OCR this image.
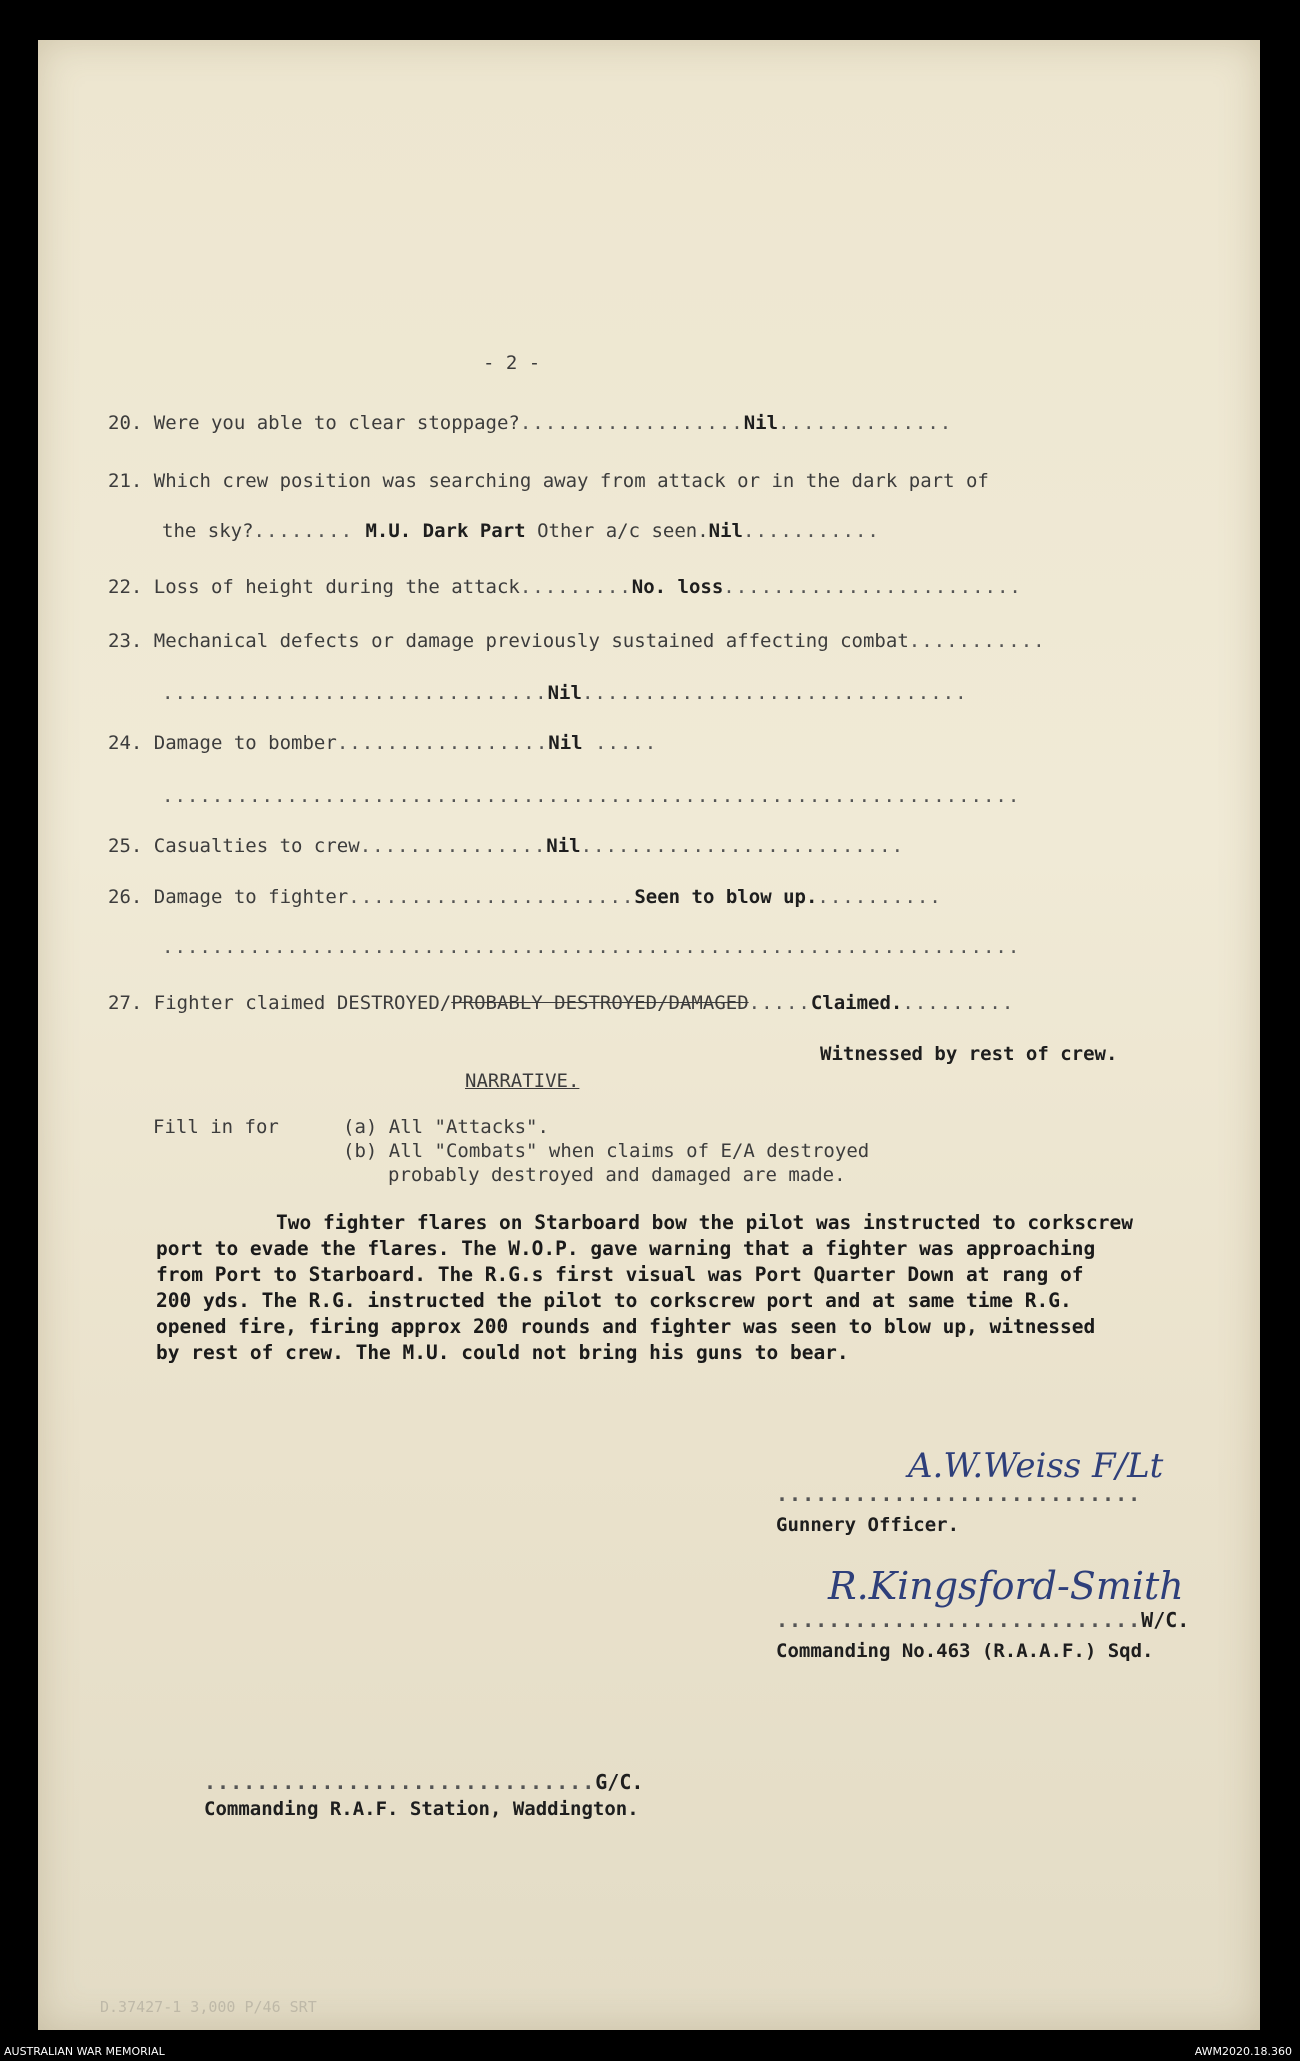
- 2 -
20. Were you able to clear stoppage?..................Nil..............
21. Which crew position was searching away from attack or in the dark part of
the sky?........ M.U. Dark Part Other a/c seen.Nil...........
22. Loss of height during the attack.........No. loss........................
23. Mechanical defects or damage previously sustained affecting combat...........
...............................Nil...............................
24. Damage to bomber.................Nil .....
.....................................................................
25. Casualties to crew...............Nil..........................
26. Damage to fighter.......................Seen to blow up...........
.....................................................................
27. Fighter claimed DESTROYED/PROBABLY DESTROYED/DAMAGED.....Claimed..........
Witnessed by rest of crew.
NARRATIVE.
Fill in for	(a) All "Attacks".
(b) All "Combats" when claims of E/A destroyed
probably destroyed and damaged are made.
Two fighter flares on Starboard bow the pilot was instructed to corkscrew
port to evade the flares. The W.O.P. gave warning that a fighter was approaching
from Port to Starboard. The R.G.s first visual was Port Quarter Down at rang of
200 yds. The R.G. instructed the pilot to corkscrew port and at same time R.G.
opened fire, firing approx 200 rounds and fighter was seen to blow up, witnessed
by rest of crew. The M.U. could not bring his guns to bear.
A.W.Weiss F/Lt
............................
Gunnery Officer.
R.Kingsford-Smith
............................W/C.
Commanding No.463 (R.A.A.F.) Sqd.
..............................G/C.
Commanding R.A.F. Station, Waddington.
D.37427-1 3,000 P/46 SRT
AUSTRALIAN WAR MEMORIAL	AWM2020.18.360
